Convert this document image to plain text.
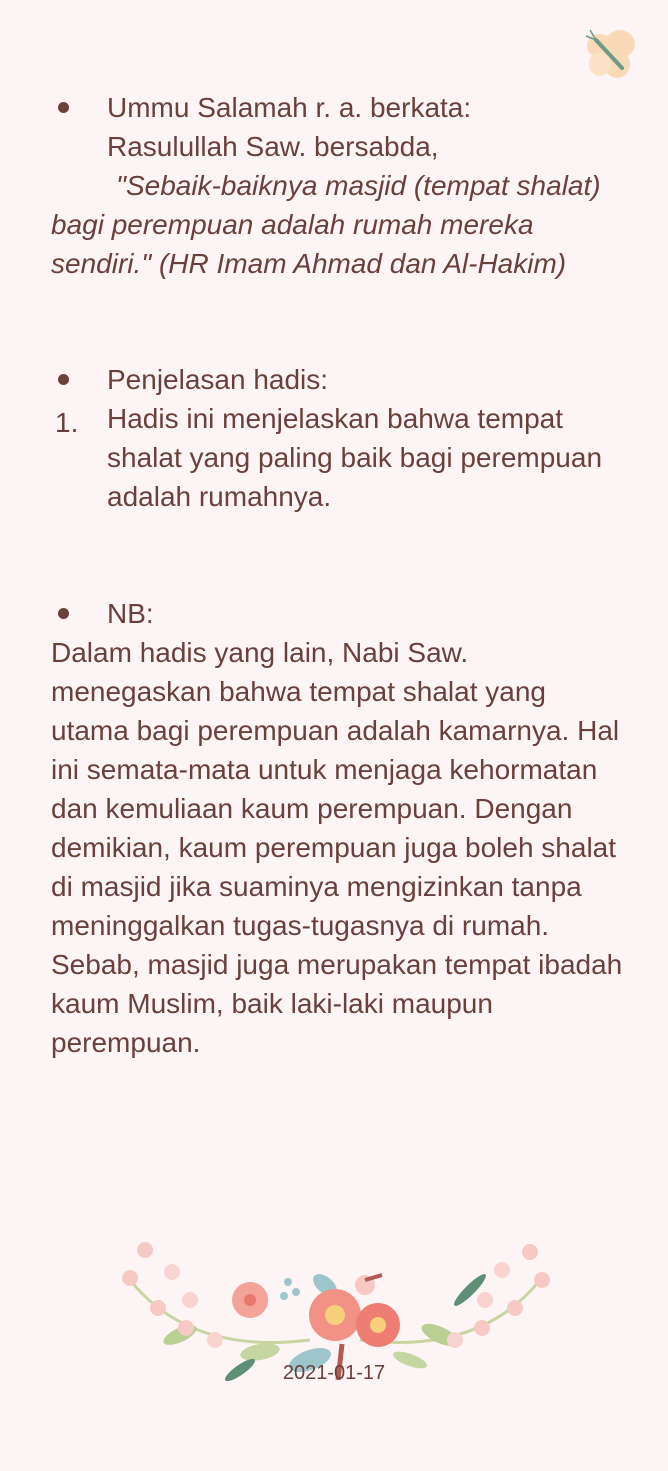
Ummu Salamah r. a. berkata:
Rasulullah Saw. bersabda,
"Sebaik-baiknya masjid (tempat shalat)
bagi perempuan adalah rumah mereka sendiri." (HR Imam Ahmad dan Al-Hakim)
Penjelasan hadis:
1. Hadis ini menjelaskan bahwa tempat shalat yang paling baik bagi perempuan adalah rumahnya.
NB:
Dalam hadis yang lain, Nabi Saw. menegaskan bahwa tempat shalat yang utama bagi perempuan adalah kamarnya. Hal ini semata-mata untuk menjaga kehormatan dan kemuliaan kaum perempuan. Dengan demikian, kaum perempuan juga boleh shalat di masjid jika suaminya mengizinkan tanpa meninggalkan tugas-tugasnya di rumah. Sebab, masjid juga merupakan tempat ibadah kaum Muslim, baik laki-laki maupun perempuan.
2021-01-17
